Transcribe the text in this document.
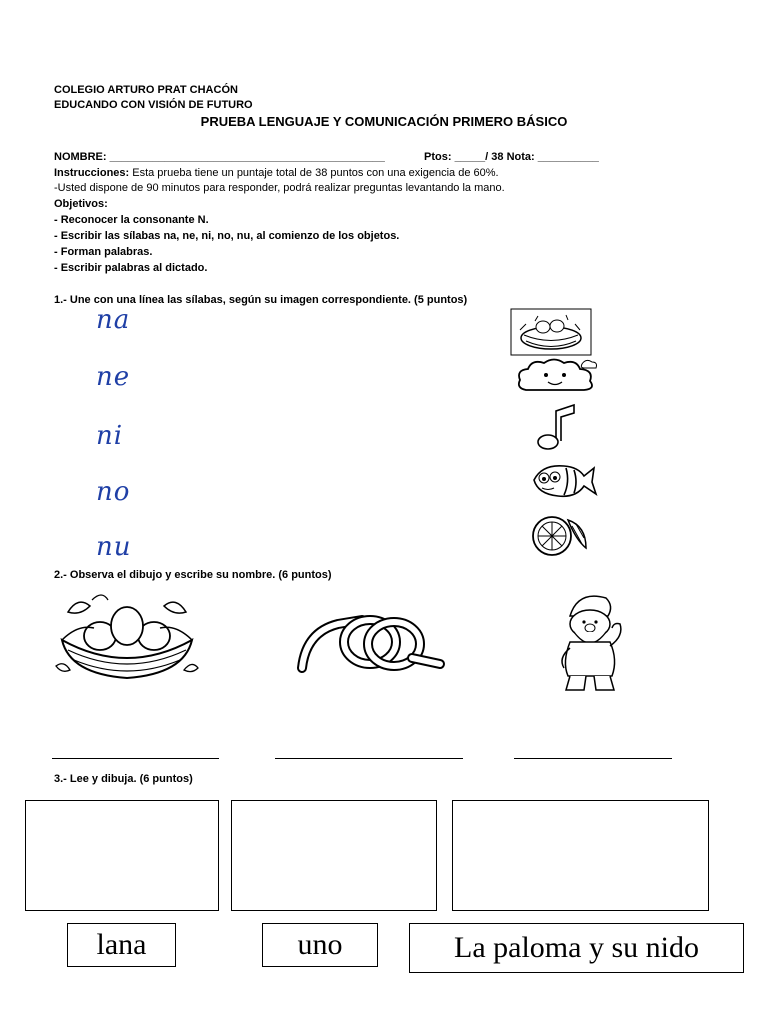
COLEGIO ARTURO PRAT CHACÓN
EDUCANDO CON VISIÓN DE FUTURO
PRUEBA LENGUAJE Y COMUNICACIÓN PRIMERO BÁSICO
NOMBRE: _____________________________________________	Ptos: _____/ 38 Nota: __________
Instrucciones: Esta prueba tiene un puntaje total de 38 puntos con una exigencia de 60%.
-Usted dispone de 90 minutos para responder, podrá realizar preguntas levantando la mano.
Objetivos:
- Reconocer la consonante N.
- Escribir las sílabas na, ne, ni, no, nu, al comienzo de los objetos.
- Forman palabras.
- Escribir palabras al dictado.
1.- Une con una línea las sílabas, según su imagen correspondiente. (5 puntos)
na
ne
ni
no
nu
2.- Observa el dibujo y escribe su nombre. (6 puntos)
3.- Lee y dibuja. (6 puntos)
lana	uno	La paloma y su nido
